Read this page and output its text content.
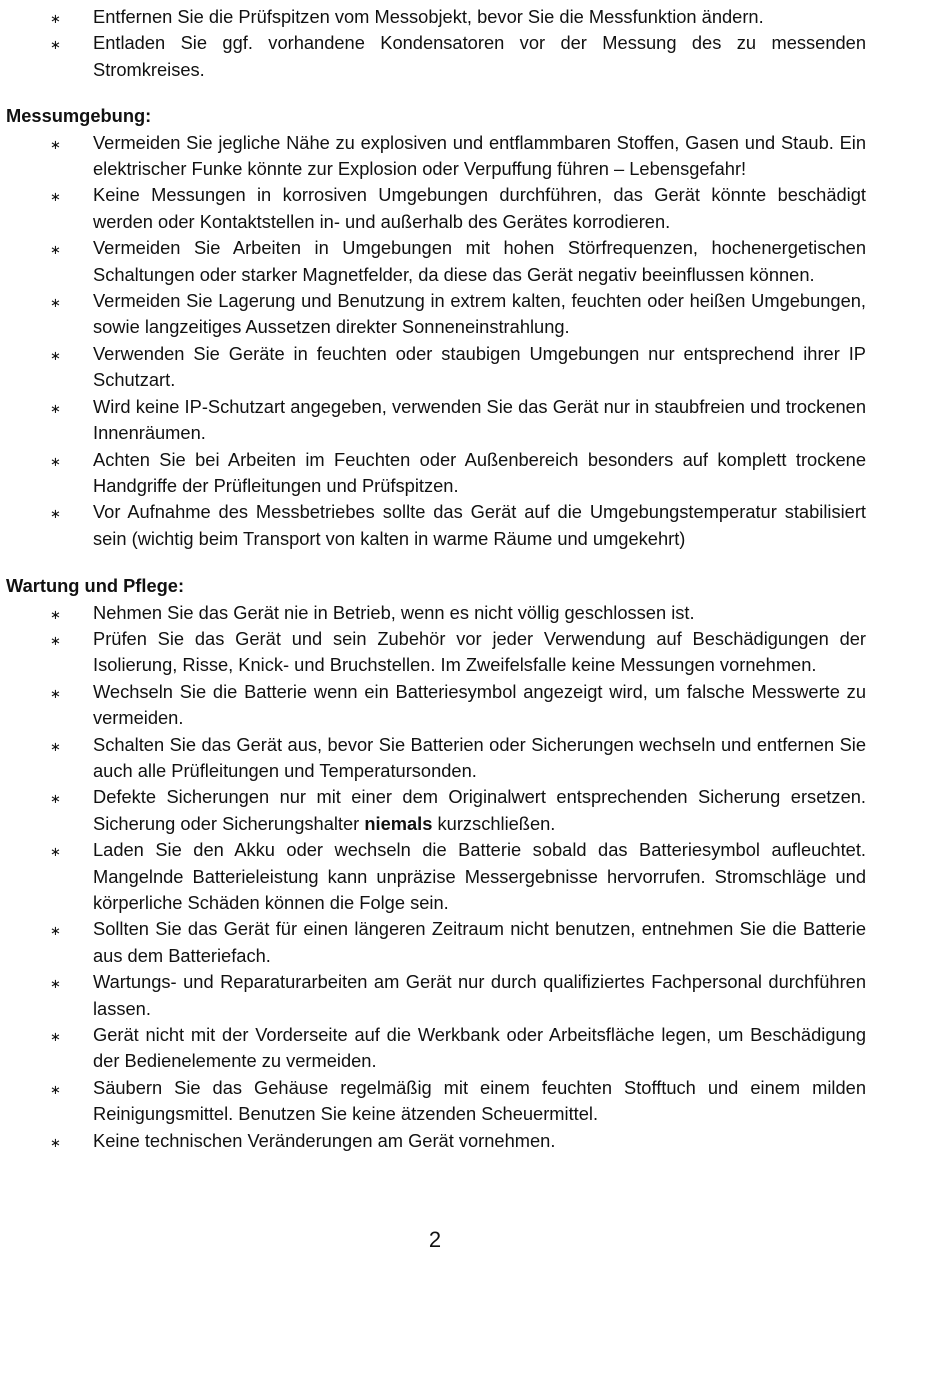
∗ Entfernen Sie die Prüfspitzen vom Messobjekt, bevor Sie die Messfunktion ändern.
∗ Entladen Sie ggf. vorhandene Kondensatoren vor der Messung des zu messenden Stromkreises.
Messumgebung:
∗ Vermeiden Sie jegliche Nähe zu explosiven und entflammbaren Stoffen, Gasen und Staub. Ein elektrischer Funke könnte zur Explosion oder Verpuffung führen – Lebensgefahr!
∗ Keine Messungen in korrosiven Umgebungen durchführen, das Gerät könnte beschädigt werden oder Kontaktstellen in- und außerhalb des Gerätes korrodieren.
∗ Vermeiden Sie Arbeiten in Umgebungen mit hohen Störfrequenzen, hochenergetischen Schaltungen oder starker Magnetfelder, da diese das Gerät negativ beeinflussen können.
∗ Vermeiden Sie Lagerung und Benutzung in extrem kalten, feuchten oder heißen Umgebungen, sowie langzeitiges Aussetzen direkter Sonneneinstrahlung.
∗ Verwenden Sie Geräte in feuchten oder staubigen Umgebungen nur entsprechend ihrer IP Schutzart.
∗ Wird keine IP-Schutzart angegeben, verwenden Sie das Gerät nur in staubfreien und trockenen Innenräumen.
∗ Achten Sie bei Arbeiten im Feuchten oder Außenbereich besonders auf komplett trockene Handgriffe der Prüfleitungen und Prüfspitzen.
∗ Vor Aufnahme des Messbetriebes sollte das Gerät auf die Umgebungstemperatur stabilisiert sein (wichtig beim Transport von kalten in warme Räume und umgekehrt)
Wartung und Pflege:
∗ Nehmen Sie das Gerät nie in Betrieb, wenn es nicht völlig geschlossen ist.
∗ Prüfen Sie das Gerät und sein Zubehör vor jeder Verwendung auf Beschädigungen der Isolierung, Risse, Knick- und Bruchstellen. Im Zweifelsfalle keine Messungen vornehmen.
∗ Wechseln Sie die Batterie wenn ein Batteriesymbol angezeigt wird, um falsche Messwerte zu vermeiden.
∗ Schalten Sie das Gerät aus, bevor Sie Batterien oder Sicherungen wechseln und entfernen Sie auch alle Prüfleitungen und Temperatursonden.
∗ Defekte Sicherungen nur mit einer dem Originalwert entsprechenden Sicherung ersetzen. Sicherung oder Sicherungshalter niemals kurzschließen.
∗ Laden Sie den Akku oder wechseln die Batterie sobald das Batteriesymbol aufleuchtet. Mangelnde Batterieleistung kann unpräzise Messergebnisse hervorrufen. Stromschläge und körperliche Schäden können die Folge sein.
∗ Sollten Sie das Gerät für einen längeren Zeitraum nicht benutzen, entnehmen Sie die Batterie aus dem Batteriefach.
∗ Wartungs- und Reparaturarbeiten am Gerät nur durch qualifiziertes Fachpersonal durchführen lassen.
∗ Gerät nicht mit der Vorderseite auf die Werkbank oder Arbeitsfläche legen, um Beschädigung der Bedienelemente zu vermeiden.
∗ Säubern Sie das Gehäuse regelmäßig mit einem feuchten Stofftuch und einem milden Reinigungsmittel. Benutzen Sie keine ätzenden Scheuermittel.
∗ Keine technischen Veränderungen am Gerät vornehmen.
2
